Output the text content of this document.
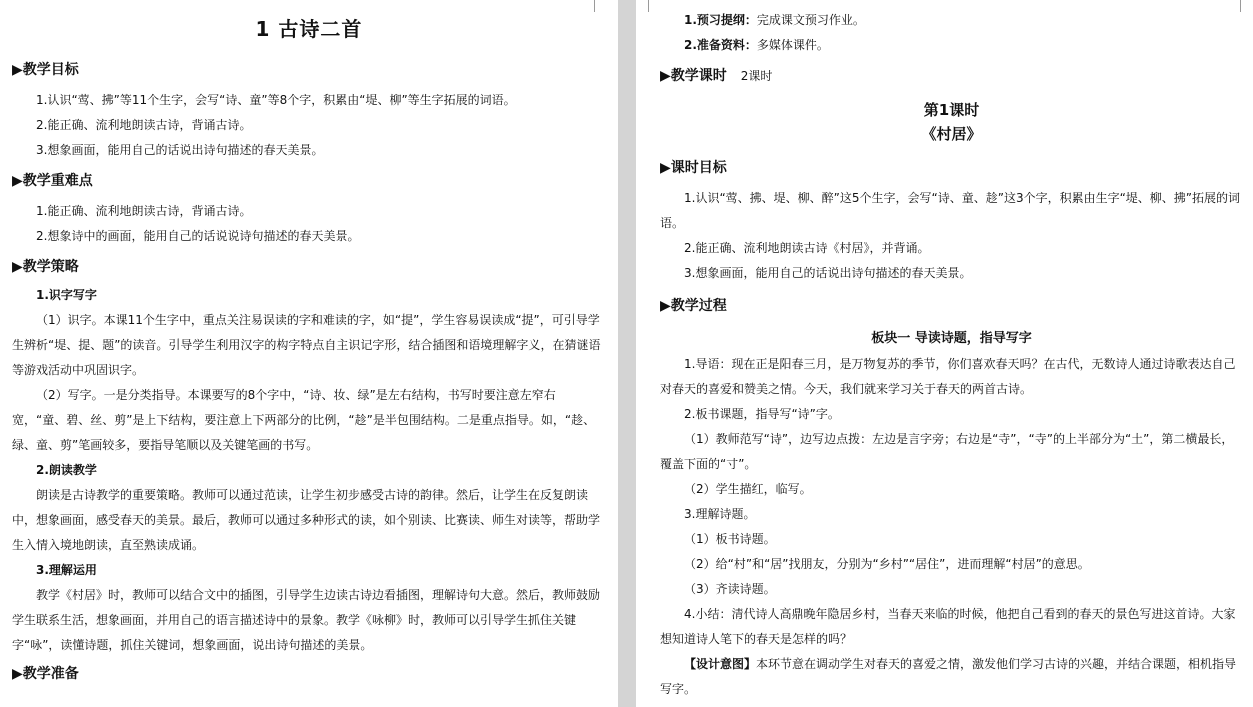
1 古诗二首

▶教学目标

1.认识“莺、拂”等11个生字，会写“诗、童”等8个字，积累由“堤、柳”等生字拓展的词语。

2.能正确、流利地朗读古诗，背诵古诗。

3.想象画面，能用自己的话说出诗句描述的春天美景。

▶教学重难点

1.能正确、流利地朗读古诗，背诵古诗。

2.想象诗中的画面，能用自己的话说说诗句描述的春天美景。

▶教学策略

1.识字写字

（1）识字。本课11个生字中，重点关注易误读的字和难读的字，如“提”，学生容易误读成“提”，可引导学生辨析“堤、提、题”的读音。引导学生利用汉字的构字特点自主识记字形，结合插图和语境理解字义，在猜谜语等游戏活动中巩固识字。

（2）写字。一是分类指导。本课要写的8个字中，“诗、妆、绿”是左右结构，书写时要注意左窄右宽，“童、碧、丝、剪”是上下结构，要注意上下两部分的比例，“趁”是半包围结构。二是重点指导。如，“趁、绿、童、剪”笔画较多，要指导笔顺以及关键笔画的书写。

2.朗读教学

朗读是古诗教学的重要策略。教师可以通过范读，让学生初步感受古诗的韵律。然后，让学生在反复朗读中，想象画面，感受春天的美景。最后，教师可以通过多种形式的读，如个别读、比赛读、师生对读等，帮助学生入情入境地朗读，直至熟读成诵。

3.理解运用

教学《村居》时，教师可以结合文中的插图，引导学生边读古诗边看插图，理解诗句大意。然后，教师鼓励学生联系生活，想象画面，并用自己的语言描述诗中的景象。教学《咏柳》时，教师可以引导学生抓住关键字“咏”，读懂诗题，抓住关键词，想象画面，说出诗句描述的美景。

▶教学准备

1.预习提纲：完成课文预习作业。

2.准备资料：多媒体课件。

▶教学课时 2课时

第1课时

《村居》

▶课时目标

1.认识“莺、拂、堤、柳、醉”这5个生字，会写“诗、童、趁”这3个字，积累由生字“堤、柳、拂”拓展的词语。

2.能正确、流利地朗读古诗《村居》，并背诵。

3.想象画面，能用自己的话说出诗句描述的春天美景。

▶教学过程

板块一 导读诗题，指导写字

1.导语：现在正是阳春三月，是万物复苏的季节，你们喜欢春天吗？在古代，无数诗人通过诗歌表达自己对春天的喜爱和赞美之情。今天，我们就来学习关于春天的两首古诗。

2.板书课题，指导写“诗”字。

（1）教师范写“诗”，边写边点拨：左边是言字旁；右边是“寺”，“寺”的上半部分为“土”，第二横最长，覆盖下面的“寸”。

（2）学生描红，临写。

3.理解诗题。

（1）板书诗题。

（2）给“村”和“居”找朋友，分别为“乡村”“居住”，进而理解“村居”的意思。

（3）齐读诗题。

4.小结：清代诗人高鼎晚年隐居乡村，当春天来临的时候，他把自己看到的春天的景色写进这首诗。大家想知道诗人笔下的春天是怎样的吗？

【设计意图】本环节意在调动学生对春天的喜爱之情，激发他们学习古诗的兴趣，并结合课题，相机指导写字。
